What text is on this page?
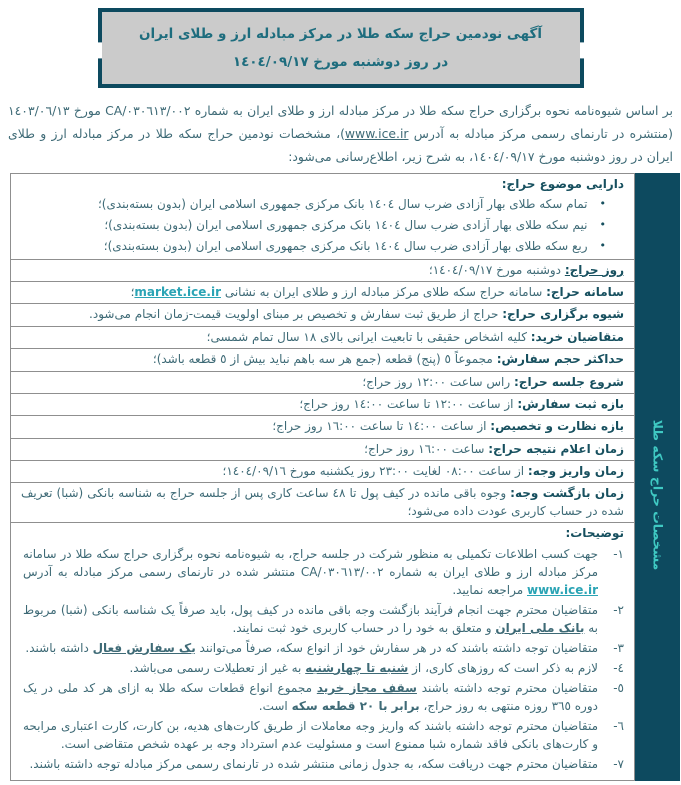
آگهی نودمین حراج سکه طلا در مرکز مبادله ارز و طلای ایران
در روز دوشنبه مورخ ١٤٠٤/٠٩/١٧

بر اساس شیوه‌نامه نحوه برگزاری حراج سکه طلا در مرکز مبادله ارز و طلای ایران به شماره CA/٠٣٠٦١٣/٠٠٢ مورخ ١٤٠٣/٠٦/١٣ (منتشره در تارنمای رسمی مرکز مبادله به آدرس www.ice.ir)، مشخصات نودمین حراج سکه طلا در مرکز مبادله ارز و طلای ایران در روز دوشنبه مورخ ١٤٠٤/٠٩/١٧، به شرح زیر، اطلاع‌رسانی می‌شود:

مشخصات حراج سکه طلا
دارایی موضوع حراج:
•
تمام سکه طلای بهار آزادی ضرب سال ١٤٠٤ بانک مرکزی جمهوری اسلامی ایران (بدون بسته‌بندی)؛
•
نیم سکه طلای بهار آزادی ضرب سال ١٤٠٤ بانک مرکزی جمهوری اسلامی ایران (بدون بسته‌بندی)؛
•
ربع سکه طلای بهار آزادی ضرب سال ١٤٠٤ بانک مرکزی جمهوری اسلامی ایران (بدون بسته‌بندی)؛
روز حراج: دوشنبه مورخ ١٤٠٤/٠٩/١٧؛
سامانه حراج: سامانه حراج سکه طلای مرکز مبادله ارز و طلای ایران به نشانی market.ice.ir؛
شیوه برگزاری حراج: حراج از طریق ثبت سفارش و تخصیص بر مبنای اولویت قیمت-زمان انجام می‌شود.
متقاضیان خرید: کلیه اشخاص حقیقی با تابعیت ایرانی بالای ١٨ سال تمام شمسی؛
حداکثر حجم سفارش: مجموعاً ٥ (پنج) قطعه (جمع هر سه باهم نباید بیش از ٥ قطعه باشد)؛
شروع جلسه حراج: راس ساعت ١٢:٠٠ روز حراج؛
بازه ثبت سفارش: از ساعت ١٢:٠٠ تا ساعت ١٤:٠٠ روز حراج؛
بازه نظارت و تخصیص: از ساعت ١٤:٠٠ تا ساعت ١٦:٠٠ روز حراج؛
زمان اعلام نتیجه حراج: ساعت ١٦:٠٠ روز حراج؛
زمان واریز وجه: از ساعت ٠٨:٠٠ لغایت ٢٣:٠٠ روز یکشنبه مورخ ١٤٠٤/٠٩/١٦؛
زمان بازگشت وجه: وجوه باقی مانده در کیف پول تا ٤٨ ساعت کاری پس از جلسه حراج به شناسه بانکی (شبا) تعریف شده در حساب کاربری عودت داده می‌شود؛
توضیحات:
١-
جهت کسب اطلاعات تکمیلی به منظور شرکت در جلسه حراج، به شیوه‌نامه نحوه برگزاری حراج سکه طلا در سامانه مرکز مبادله ارز و طلای ایران به شماره CA/٠٣٠٦١٣/٠٠٢ منتشر شده در تارنمای رسمی مرکز مبادله به آدرس www.ice.ir مراجعه نمایید.
٢-
متقاضیان محترم جهت انجام فرآیند بازگشت وجه باقی مانده در کیف پول، باید صرفاً یک شناسه بانکی (شبا) مربوط به بانک ملی ایران و متعلق به خود را در حساب کاربری خود ثبت نمایند.
٣-
متقاضیان توجه داشته باشند که در هر سفارش خود از انواع سکه، صرفاً می‌توانند یک سفارش فعال داشته باشند.
٤-
لازم به ذکر است که روزهای کاری، از شنبه تا چهارشنبه به غیر از تعطیلات رسمی می‌باشد.
٥-
متقاضیان محترم توجه داشته باشند سقف مجاز خرید مجموع انواع قطعات سکه طلا به ازای هر کد ملی در یک دوره ٣٦٥ روزه منتهی به روز حراج، برابر با ٢٠ قطعه سکه است.
٦-
متقاضیان محترم توجه داشته باشند که واریز وجه معاملات از طریق کارت‌های هدیه، بن کارت، کارت اعتباری مرابحه و کارت‌های بانکی فاقد شماره شبا ممنوع است و مسئولیت عدم استرداد وجه بر عهده شخص متقاضی است.
٧-
متقاضیان محترم جهت دریافت سکه، به جدول زمانی منتشر شده در تارنمای رسمی مرکز مبادله توجه داشته باشند.
